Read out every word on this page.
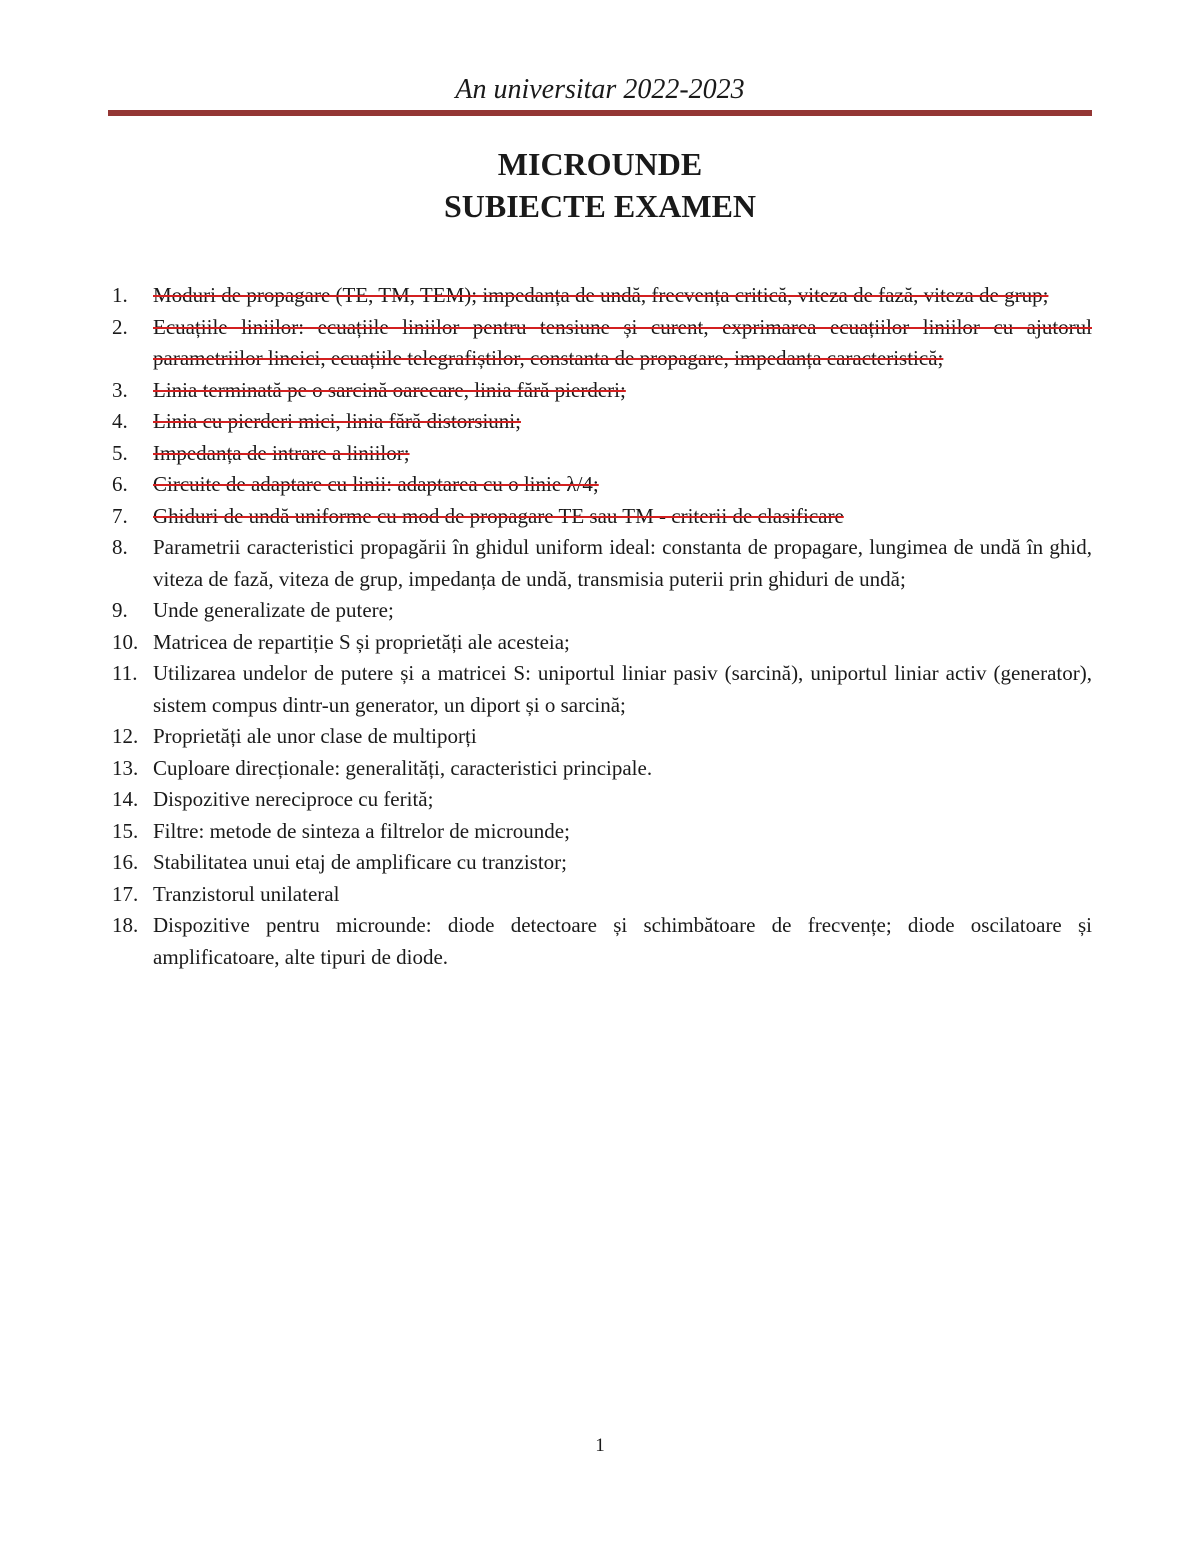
An universitar 2022-2023
MICROUNDE
SUBIECTE EXAMEN
1. Moduri de propagare (TE, TM, TEM); impedanța de undă, frecvența critică, viteza de fază, viteza de grup;
2. Ecuațiile liniilor: ecuațiile liniilor pentru tensiune și curent, exprimarea ecuațiilor liniilor cu ajutorul parametriilor lineici, ecuațiile telegrafiștilor, constanta de propagare, impedanța caracteristică;
3. Linia terminată pe o sarcină oarecare, linia fără pierderi;
4. Linia cu pierderi mici, linia fără distorsiuni;
5. Impedanța de intrare a liniilor;
6. Circuite de adaptare cu linii: adaptarea cu o linie λ/4;
7. Ghiduri de undă uniforme cu mod de propagare TE sau TM - criterii de clasificare
8. Parametrii caracteristici propagării în ghidul uniform ideal: constanta de propagare, lungimea de undă în ghid, viteza de fază, viteza de grup, impedanța de undă, transmisia puterii prin ghiduri de undă;
9. Unde generalizate de putere;
10. Matricea de repartiție S și proprietăți ale acesteia;
11. Utilizarea undelor de putere și a matricei S: uniportul liniar pasiv (sarcină), uniportul liniar activ (generator), sistem compus dintr-un generator, un diport și o sarcină;
12. Proprietăți ale unor clase de multiporți
13. Cuploare direcționale: generalități, caracteristici principale.
14. Dispozitive nereciproce cu ferită;
15. Filtre: metode de sinteza a filtrelor de microunde;
16. Stabilitatea unui etaj de amplificare cu tranzistor;
17. Tranzistorul unilateral
18. Dispozitive pentru microunde: diode detectoare și schimbătoare de frecvențe; diode oscilatoare și amplificatoare, alte tipuri de diode.
1
